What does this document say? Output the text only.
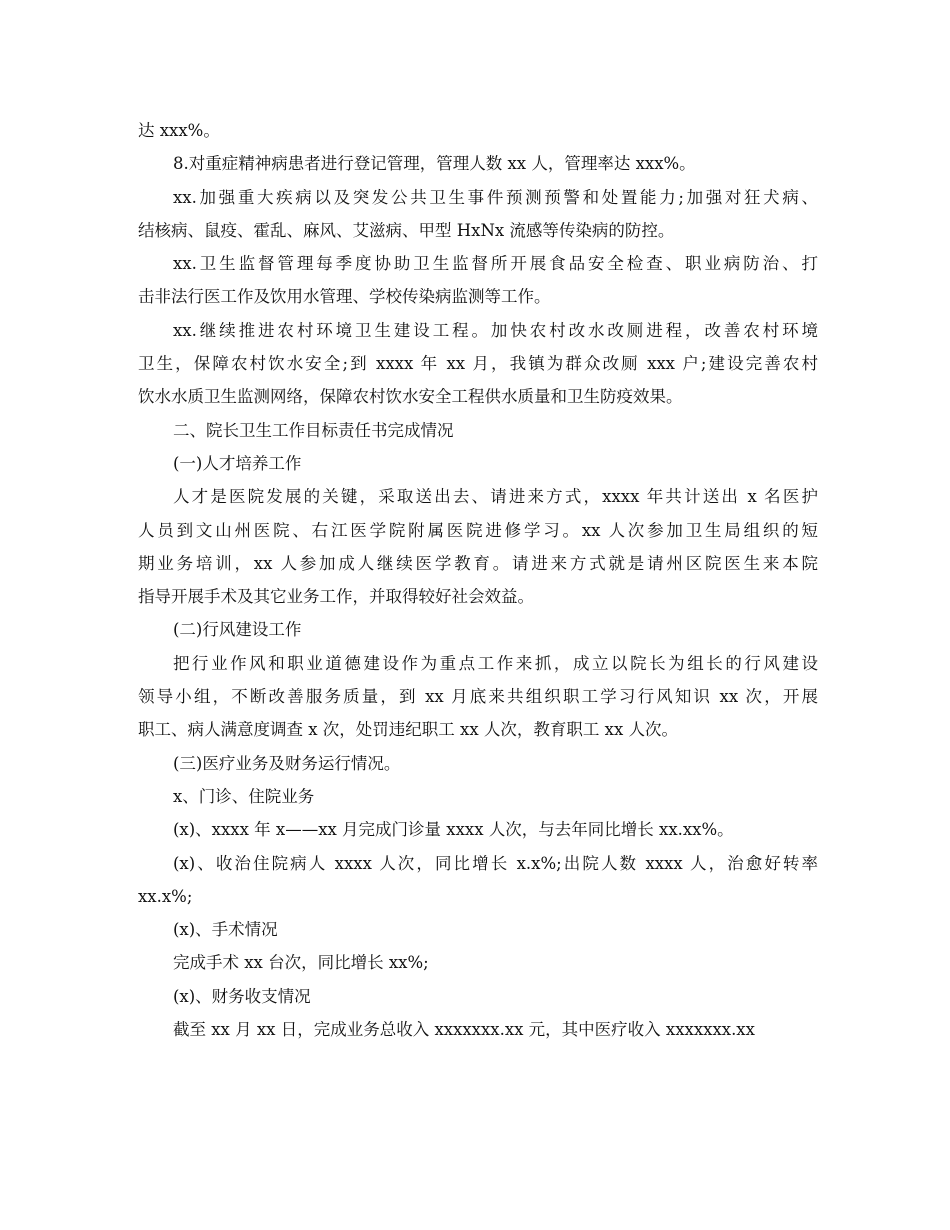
达 xxx%。

8.对重症精神病患者进行登记管理，管理人数 xx 人，管理率达 xxx%。

xx.加强重大疾病以及突发公共卫生事件预测预警和处置能力;加强对狂犬病、

结核病、鼠疫、霍乱、麻风、艾滋病、甲型 HxNx 流感等传染病的防控。

xx.卫生监督管理每季度协助卫生监督所开展食品安全检查、职业病防治、打

击非法行医工作及饮用水管理、学校传染病监测等工作。

xx.继续推进农村环境卫生建设工程。加快农村改水改厕进程，改善农村环境

卫生，保障农村饮水安全;到 xxxx 年 xx 月，我镇为群众改厕 xxx 户;建设完善农村

饮水水质卫生监测网络，保障农村饮水安全工程供水质量和卫生防疫效果。

二、院长卫生工作目标责任书完成情况

(一)人才培养工作

人才是医院发展的关键，采取送出去、请进来方式，xxxx 年共计送出 x 名医护

人员到文山州医院、右江医学院附属医院进修学习。xx 人次参加卫生局组织的短

期业务培训，xx 人参加成人继续医学教育。请进来方式就是请州区院医生来本院

指导开展手术及其它业务工作，并取得较好社会效益。

(二)行风建设工作

把行业作风和职业道德建设作为重点工作来抓，成立以院长为组长的行风建设

领导小组，不断改善服务质量，到 xx 月底来共组织职工学习行风知识 xx 次，开展

职工、病人满意度调查 x 次，处罚违纪职工 xx 人次，教育职工 xx 人次。

(三)医疗业务及财务运行情况。

x、门诊、住院业务

(x)、xxxx 年 x——xx 月完成门诊量 xxxx 人次，与去年同比增长 xx.xx%。

(x)、收治住院病人 xxxx 人次，同比增长 x.x%;出院人数 xxxx 人，治愈好转率

xx.x%;

(x)、手术情况

完成手术 xx 台次，同比增长 xx%;

(x)、财务收支情况

截至 xx 月 xx 日，完成业务总收入 xxxxxxx.xx 元，其中医疗收入 xxxxxxx.xx
